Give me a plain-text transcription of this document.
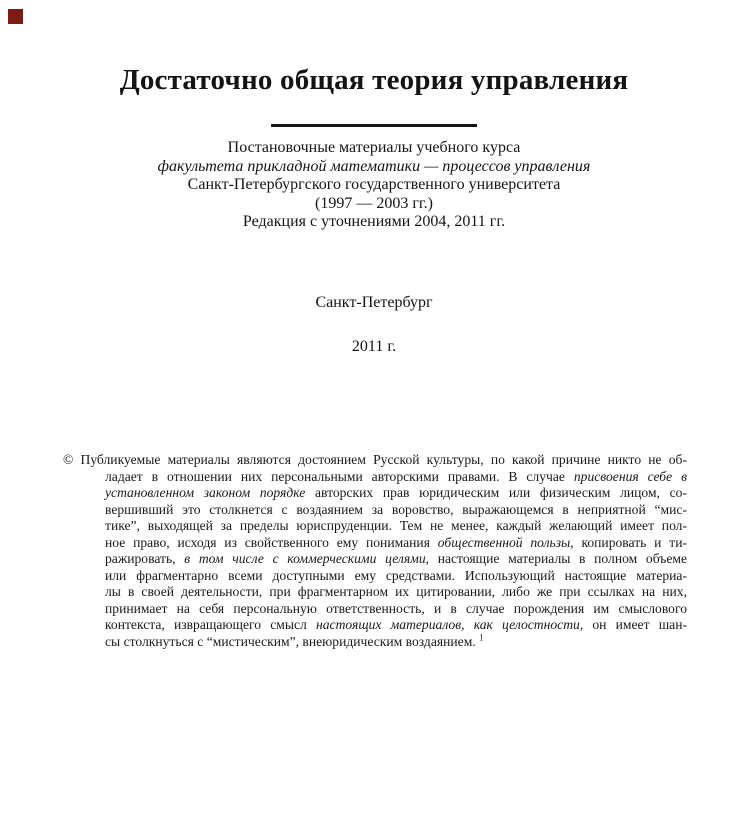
Достаточно общая теория управления
Постановочные материалы учебного курса
факультета прикладной математики — процессов управления
Санкт-Петербургского государственного университета
(1997 — 2003 гг.)
Редакция с уточнениями 2004, 2011 гг.
Санкт-Петербург
2011 г.
© Публикуемые материалы являются достоянием Русской культуры, по какой причине никто не об-
ладает в отношении них персональными авторскими правами. В случае присвоения себе в
установленном законом порядке авторских прав юридическим или физическим лицом, со-
вершивший это столкнется с воздаянием за воровство, выражающемся в неприятной “мис-
тике”, выходящей за пределы юриспруденции. Тем не менее, каждый желающий имеет пол-
ное право, исходя из свойственного ему понимания общественной пользы, копировать и ти-
ражировать, в том числе с коммерческими целями, настоящие материалы в полном объеме
или фрагментарно всеми доступными ему средствами. Использующий настоящие материа-
лы в своей деятельности, при фрагментарном их цитировании, либо же при ссылках на них,
принимает на себя персональную ответственность, и в случае порождения им смыслового
контекста, извращающего смысл настоящих материалов, как целостности, он имеет шан-
сы столкнуться с “мистическим”, внеюридическим воздаянием. $^1$
